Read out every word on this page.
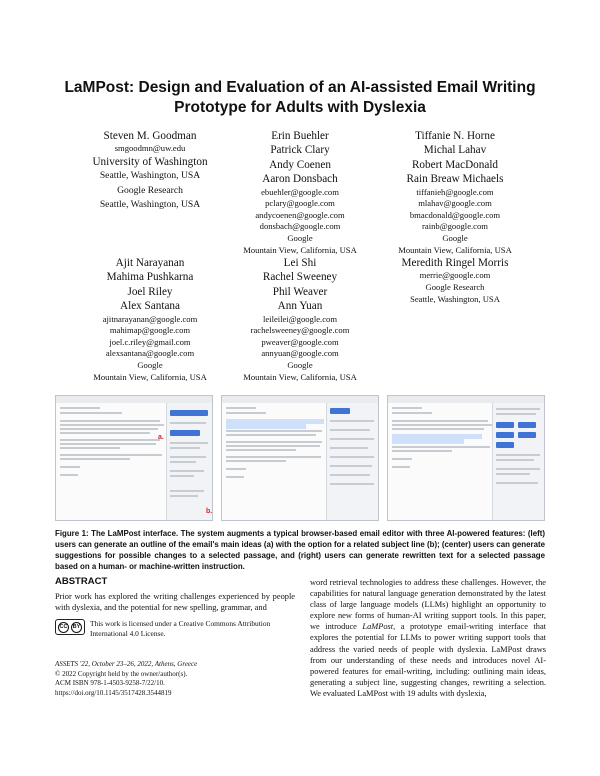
LaMPost: Design and Evaluation of an AI-assisted Email Writing Prototype for Adults with Dyslexia
Steven M. Goodman
smgoodmn@uw.edu
University of Washington
Seattle, Washington, USA
Google Research
Seattle, Washington, USA
Erin Buehler
Patrick Clary
Andy Coenen
Aaron Donsbach
ebuehler@google.com
pclary@google.com
andycoenen@google.com
donsbach@google.com
Google
Mountain View, California, USA
Tiffanie N. Horne
Michal Lahav
Robert MacDonald
Rain Breaw Michaels
tiffanieh@google.com
mlahav@google.com
bmacdonald@google.com
rainb@google.com
Google
Mountain View, California, USA
Ajit Narayanan
Mahima Pushkarna
Joel Riley
Alex Santana
ajitnarayanan@google.com
mahimap@google.com
joel.c.riley@gmail.com
alexsantana@google.com
Google
Mountain View, California, USA
Lei Shi
Rachel Sweeney
Phil Weaver
Ann Yuan
leileilei@google.com
rachelsweeney@google.com
pweaver@google.com
annyuan@google.com
Google
Mountain View, California, USA
Meredith Ringel Morris
merrie@google.com
Google Research
Seattle, Washington, USA
a.
b.
Figure 1: The LaMPost interface. The system augments a typical browser-based email editor with three AI-powered features: (left) users can generate an outline of the email's main ideas (a) with the option for a related subject line (b); (center) users can generate suggestions for possible changes to a selected passage, and (right) users can generate rewritten text for a selected passage based on a human- or machine-written instruction.
ABSTRACT
Prior work has explored the writing challenges experienced by people with dyslexia, and the potential for new spelling, grammar, and
CC BY This work is licensed under a Creative Commons Attribution International 4.0 License.
ASSETS '22, October 23–26, 2022, Athens, Greece
© 2022 Copyright held by the owner/author(s).
ACM ISBN 978-1-4503-9258-7/22/10.
https://doi.org/10.1145/3517428.3544819
word retrieval technologies to address these challenges. However, the capabilities for natural language generation demonstrated by the latest class of large language models (LLMs) highlight an opportunity to explore new forms of human-AI writing support tools. In this paper, we introduce LaMPost, a prototype email-writing interface that explores the potential for LLMs to power writing support tools that address the varied needs of people with dyslexia. LaMPost draws from our understanding of these needs and introduces novel AI-powered features for email-writing, including: outlining main ideas, generating a subject line, suggesting changes, rewriting a selection. We evaluated LaMPost with 19 adults with dyslexia,
